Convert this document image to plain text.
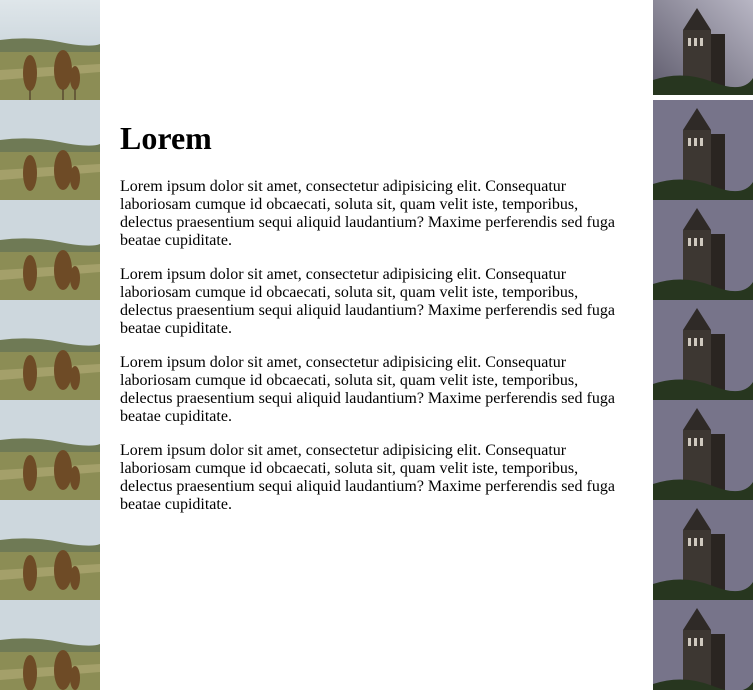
Lorem

Lorem ipsum dolor sit amet, consectetur adipisicing elit. Consequatur laboriosam cumque id obcaecati, soluta sit, quam velit iste, temporibus, delectus praesentium sequi aliquid laudantium? Maxime perferendis sed fuga beatae cupiditate.

Lorem ipsum dolor sit amet, consectetur adipisicing elit. Consequatur laboriosam cumque id obcaecati, soluta sit, quam velit iste, temporibus, delectus praesentium sequi aliquid laudantium? Maxime perferendis sed fuga beatae cupiditate.

Lorem ipsum dolor sit amet, consectetur adipisicing elit. Consequatur laboriosam cumque id obcaecati, soluta sit, quam velit iste, temporibus, delectus praesentium sequi aliquid laudantium? Maxime perferendis sed fuga beatae cupiditate.

Lorem ipsum dolor sit amet, consectetur adipisicing elit. Consequatur laboriosam cumque id obcaecati, soluta sit, quam velit iste, temporibus, delectus praesentium sequi aliquid laudantium? Maxime perferendis sed fuga beatae cupiditate.
